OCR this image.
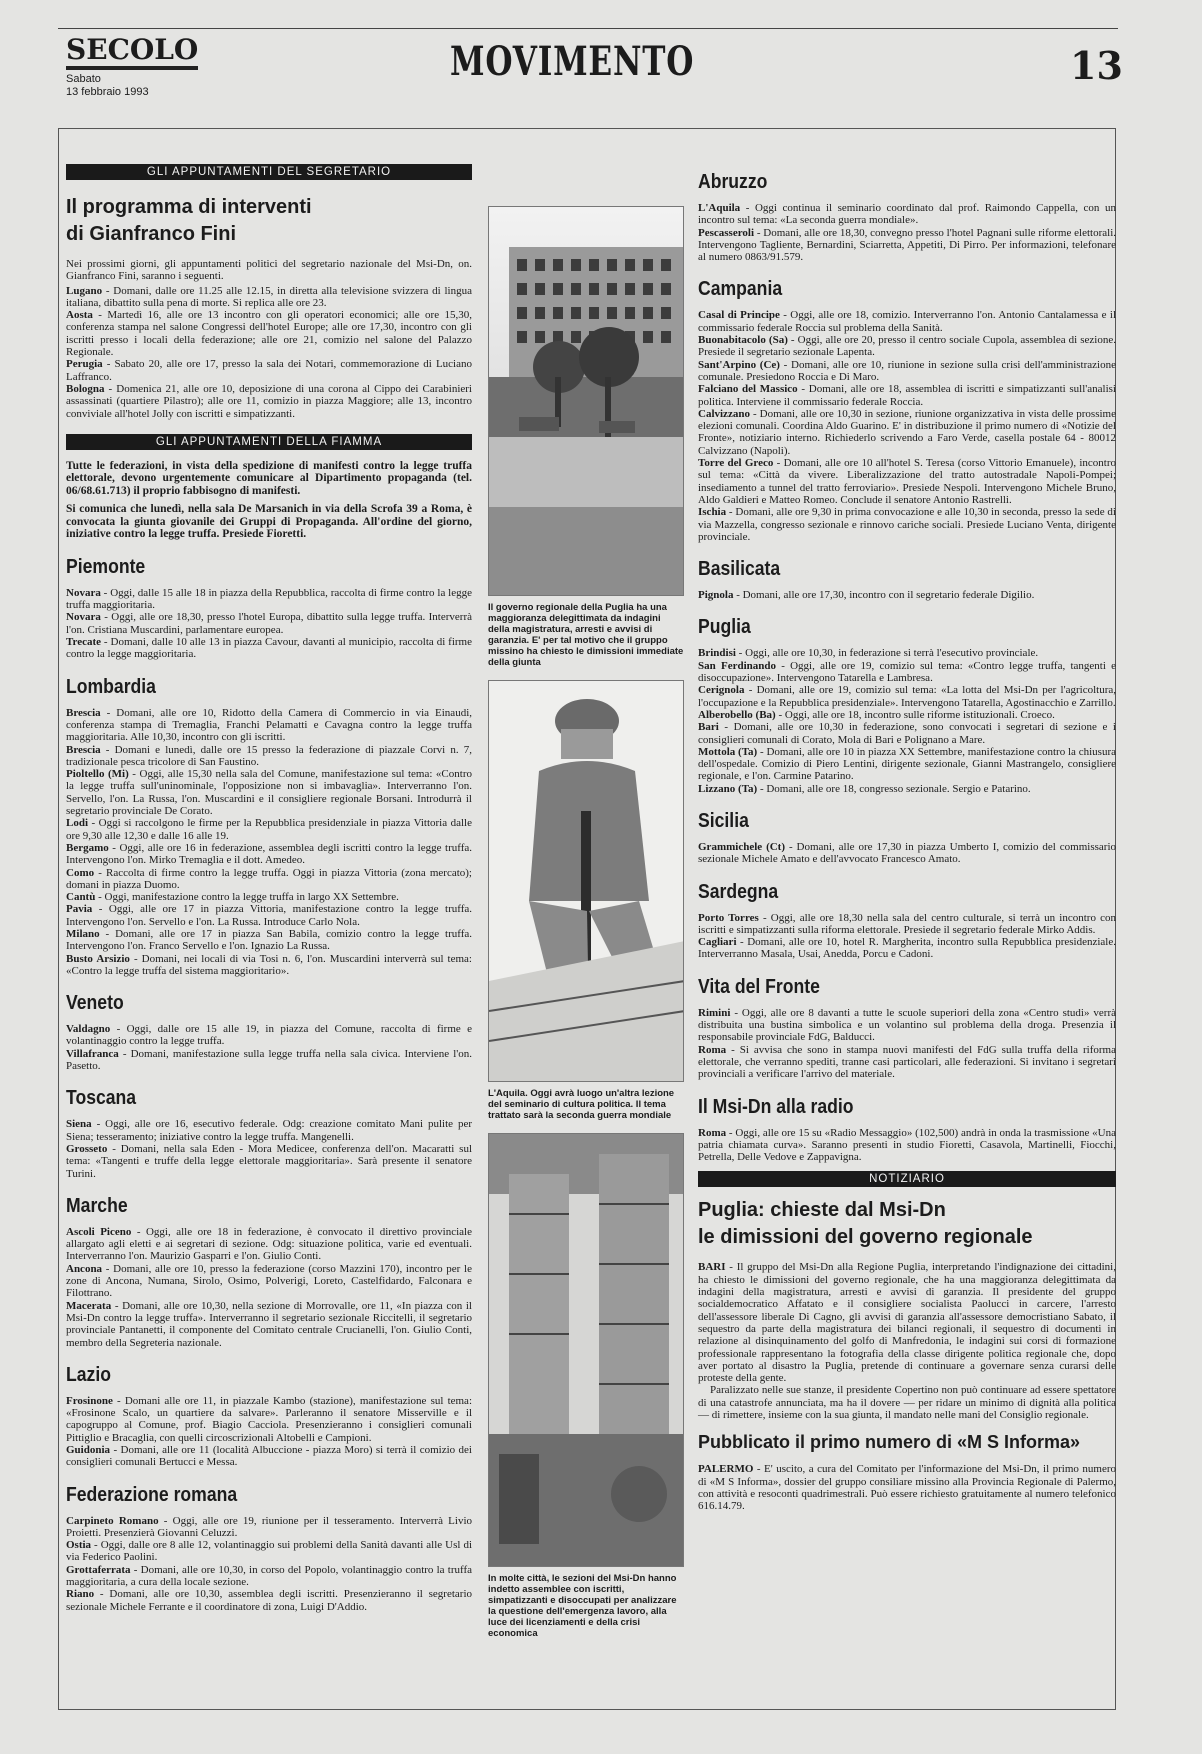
SECOLO
Sabato
13 febbraio 1993
MOVIMENTO	13
GLI APPUNTAMENTI DEL SEGRETARIO
Il programma di interventi
di Gianfranco Fini

Nei prossimi giorni, gli appuntamenti politici del segretario nazionale del Msi-Dn, on. Gianfranco Fini, saranno i seguenti.

Lugano - Domani, dalle ore 11.25 alle 12.15, in diretta alla televisione svizzera di lingua italiana, dibattito sulla pena di morte. Si replica alle ore 23.

Aosta - Martedì 16, alle ore 13 incontro con gli operatori economici; alle ore 15,30, conferenza stampa nel salone Congressi dell'hotel Europe; alle ore 17,30, incontro con gli iscritti presso i locali della federazione; alle ore 21, comizio nel salone del Palazzo Regionale.

Perugia - Sabato 20, alle ore 17, presso la sala dei Notari, commemorazione di Luciano Laffranco.

Bologna - Domenica 21, alle ore 10, deposizione di una corona al Cippo dei Carabinieri assassinati (quartiere Pilastro); alle ore 11, comizio in piazza Maggiore; alle 13, incontro conviviale all'hotel Jolly con iscritti e simpatizzanti.

GLI APPUNTAMENTI DELLA FIAMMA

Tutte le federazioni, in vista della spedizione di manifesti contro la legge truffa elettorale, devono urgentemente comunicare al Dipartimento propaganda (tel. 06/68.61.713) il proprio fabbisogno di manifesti.

Si comunica che lunedì, nella sala De Marsanich in via della Scrofa 39 a Roma, è convocata la giunta giovanile dei Gruppi di Propaganda. All'ordine del giorno, iniziative contro la legge truffa. Presiede Fioretti.

Piemonte

Novara - Oggi, dalle 15 alle 18 in piazza della Repubblica, raccolta di firme contro la legge truffa maggioritaria.

Novara - Oggi, alle ore 18,30, presso l'hotel Europa, dibattito sulla legge truffa. Interverrà l'on. Cristiana Muscardini, parlamentare europea.

Trecate - Domani, dalle 10 alle 13 in piazza Cavour, davanti al municipio, raccolta di firme contro la legge maggioritaria.

Lombardia

Brescia - Domani, alle ore 10, Ridotto della Camera di Commercio in via Einaudi, conferenza stampa di Tremaglia, Franchi Pelamatti e Cavagna contro la legge truffa maggioritaria. Alle 10,30, incontro con gli iscritti.

Brescia - Domani e lunedì, dalle ore 15 presso la federazione di piazzale Corvi n. 7, tradizionale pesca tricolore di San Faustino.

Pioltello (Mi) - Oggi, alle 15,30 nella sala del Comune, manifestazione sul tema: «Contro la legge truffa sull'uninominale, l'opposizione non si imbavaglia». Interverranno l'on. Servello, l'on. La Russa, l'on. Muscardini e il consigliere regionale Borsani. Introdurrà il segretario provinciale De Corato.

Lodi - Oggi si raccolgono le firme per la Repubblica presidenziale in piazza Vittoria dalle ore 9,30 alle 12,30 e dalle 16 alle 19.

Bergamo - Oggi, alle ore 16 in federazione, assemblea degli iscritti contro la legge truffa. Intervengono l'on. Mirko Tremaglia e il dott. Amedeo.

Como - Raccolta di firme contro la legge truffa. Oggi in piazza Vittoria (zona mercato); domani in piazza Duomo.

Cantù - Oggi, manifestazione contro la legge truffa in largo XX Settembre.

Pavia - Oggi, alle ore 17 in piazza Vittoria, manifestazione contro la legge truffa. Intervengono l'on. Servello e l'on. La Russa. Introduce Carlo Nola.

Milano - Domani, alle ore 17 in piazza San Babila, comizio contro la legge truffa. Intervengono l'on. Franco Servello e l'on. Ignazio La Russa.

Busto Arsizio - Domani, nei locali di via Tosi n. 6, l'on. Muscardini interverrà sul tema: «Contro la legge truffa del sistema maggioritario».

Veneto

Valdagno - Oggi, dalle ore 15 alle 19, in piazza del Comune, raccolta di firme e volantinaggio contro la legge truffa.

Villafranca - Domani, manifestazione sulla legge truffa nella sala civica. Interviene l'on. Pasetto.

Toscana

Siena - Oggi, alle ore 16, esecutivo federale. Odg: creazione comitato Mani pulite per Siena; tesseramento; iniziative contro la legge truffa. Mangenelli.

Grosseto - Domani, nella sala Eden - Mora Medicee, conferenza dell'on. Macaratti sul tema: «Tangenti e truffe della legge elettorale maggioritaria». Sarà presente il senatore Turini.

Marche

Ascoli Piceno - Oggi, alle ore 18 in federazione, è convocato il direttivo provinciale allargato agli eletti e ai segretari di sezione. Odg: situazione politica, varie ed eventuali. Interverranno l'on. Maurizio Gasparri e l'on. Giulio Conti.

Ancona - Domani, alle ore 10, presso la federazione (corso Mazzini 170), incontro per le zone di Ancona, Numana, Sirolo, Osimo, Polverigi, Loreto, Castelfidardo, Falconara e Filottrano.

Macerata - Domani, alle ore 10,30, nella sezione di Morrovalle, ore 11, «In piazza con il Msi-Dn contro la legge truffa». Interverranno il segretario sezionale Riccitelli, il segretario provinciale Pantanetti, il componente del Comitato centrale Crucianelli, l'on. Giulio Conti, membro della Segreteria nazionale.

Lazio

Frosinone - Domani alle ore 11, in piazzale Kambo (stazione), manifestazione sul tema: «Frosinone Scalo, un quartiere da salvare». Parleranno il senatore Misserville e il capogruppo al Comune, prof. Biagio Cacciola. Presenzieranno i consiglieri comunali Pittiglio e Bracaglia, con quelli circoscrizionali Altobelli e Campioni.

Guidonia - Domani, alle ore 11 (località Albuccione - piazza Moro) si terrà il comizio dei consiglieri comunali Bertucci e Messa.

Federazione romana

Carpineto Romano - Oggi, alle ore 19, riunione per il tesseramento. Interverrà Livio Proietti. Presenzierà Giovanni Celuzzi.

Ostia - Oggi, dalle ore 8 alle 12, volantinaggio sui problemi della Sanità davanti alle Usl di via Federico Paolini.

Grottaferrata - Domani, alle ore 10,30, in corso del Popolo, volantinaggio contro la truffa maggioritaria, a cura della locale sezione.

Riano - Domani, alle ore 10,30, assemblea degli iscritti. Presenzieranno il segretario sezionale Michele Ferrante e il coordinatore di zona, Luigi D'Addio.

Il governo regionale della Puglia ha una maggioranza delegittimata da indagini della magistratura, arresti e avvisi di garanzia. E' per tal motivo che il gruppo missino ha chiesto le dimissioni immediate della giunta
L'Aquila. Oggi avrà luogo un'altra lezione del seminario di cultura politica. Il tema trattato sarà la seconda guerra mondiale
In molte città, le sezioni del Msi-Dn hanno indetto assemblee con iscritti, simpatizzanti e disoccupati per analizzare la questione dell'emergenza lavoro, alla luce dei licenziamenti e della crisi economica
Abruzzo

L'Aquila - Oggi continua il seminario coordinato dal prof. Raimondo Cappella, con un incontro sul tema: «La seconda guerra mondiale».

Pescasseroli - Domani, alle ore 18,30, convegno presso l'hotel Pagnani sulle riforme elettorali. Intervengono Tagliente, Bernardini, Sciarretta, Appetiti, Di Pirro. Per informazioni, telefonare al numero 0863/91.579.

Campania

Casal di Principe - Oggi, alle ore 18, comizio. Interverranno l'on. Antonio Cantalamessa e il commissario federale Roccia sul problema della Sanità.

Buonabitacolo (Sa) - Oggi, alle ore 20, presso il centro sociale Cupola, assemblea di sezione. Presiede il segretario sezionale Lapenta.

Sant'Arpino (Ce) - Domani, alle ore 10, riunione in sezione sulla crisi dell'amministrazione comunale. Presiedono Roccia e Di Maro.

Falciano del Massico - Domani, alle ore 18, assemblea di iscritti e simpatizzanti sull'analisi politica. Interviene il commissario federale Roccia.

Calvizzano - Domani, alle ore 10,30 in sezione, riunione organizzativa in vista delle prossime elezioni comunali. Coordina Aldo Guarino. E' in distribuzione il primo numero di «Notizie del Fronte», notiziario interno. Richiederlo scrivendo a Faro Verde, casella postale 64 - 80012 Calvizzano (Napoli).

Torre del Greco - Domani, alle ore 10 all'hotel S. Teresa (corso Vittorio Emanuele), incontro sul tema: «Città da vivere. Liberalizzazione del tratto autostradale Napoli-Pompei; insediamento a tunnel del tratto ferroviario». Presiede Nespoli. Intervengono Michele Bruno, Aldo Galdieri e Matteo Romeo. Conclude il senatore Antonio Rastrelli.

Ischia - Domani, alle ore 9,30 in prima convocazione e alle 10,30 in seconda, presso la sede di via Mazzella, congresso sezionale e rinnovo cariche sociali. Presiede Luciano Venta, dirigente provinciale.

Basilicata

Pignola - Domani, alle ore 17,30, incontro con il segretario federale Digilio.

Puglia

Brindisi - Oggi, alle ore 10,30, in federazione si terrà l'esecutivo provinciale.

San Ferdinando - Oggi, alle ore 19, comizio sul tema: «Contro legge truffa, tangenti e disoccupazione». Intervengono Tatarella e Lambresa.

Cerignola - Domani, alle ore 19, comizio sul tema: «La lotta del Msi-Dn per l'agricoltura, l'occupazione e la Repubblica presidenziale». Intervengono Tatarella, Agostinacchio e Zarrillo.

Alberobello (Ba) - Oggi, alle ore 18, incontro sulle riforme istituzionali. Croeco.

Bari - Domani, alle ore 10,30 in federazione, sono convocati i segretari di sezione e i consiglieri comunali di Corato, Mola di Bari e Polignano a Mare.

Mottola (Ta) - Domani, alle ore 10 in piazza XX Settembre, manifestazione contro la chiusura dell'ospedale. Comizio di Piero Lentini, dirigente sezionale, Gianni Mastrangelo, consigliere regionale, e l'on. Carmine Patarino.

Lizzano (Ta) - Domani, alle ore 18, congresso sezionale. Sergio e Patarino.

Sicilia

Grammichele (Ct) - Domani, alle ore 17,30 in piazza Umberto I, comizio del commissario sezionale Michele Amato e dell'avvocato Francesco Amato.

Sardegna

Porto Torres - Oggi, alle ore 18,30 nella sala del centro culturale, si terrà un incontro con iscritti e simpatizzanti sulla riforma elettorale. Presiede il segretario federale Mirko Addis.

Cagliari - Domani, alle ore 10, hotel R. Margherita, incontro sulla Repubblica presidenziale. Interverranno Masala, Usai, Anedda, Porcu e Cadoni.

Vita del Fronte

Rimini - Oggi, alle ore 8 davanti a tutte le scuole superiori della zona «Centro studi» verrà distribuita una bustina simbolica e un volantino sul problema della droga. Presenzia il responsabile provinciale FdG, Balducci.

Roma - Si avvisa che sono in stampa nuovi manifesti del FdG sulla truffa della riforma elettorale, che verranno spediti, tranne casi particolari, alle federazioni. Si invitano i segretari provinciali a verificare l'arrivo del materiale.

Il Msi-Dn alla radio

Roma - Oggi, alle ore 15 su «Radio Messaggio» (102,500) andrà in onda la trasmissione «Una patria chiamata curva». Saranno presenti in studio Fioretti, Casavola, Martinelli, Fiocchi, Petrella, Delle Vedove e Zappavigna.

NOTIZIARIO
Puglia: chieste dal Msi-Dn
le dimissioni del governo regionale

BARI - Il gruppo del Msi-Dn alla Regione Puglia, interpretando l'indignazione dei cittadini, ha chiesto le dimissioni del governo regionale, che ha una maggioranza delegittimata da indagini della magistratura, arresti e avvisi di garanzia. Il presidente del gruppo socialdemocratico Affatato e il consigliere socialista Paolucci in carcere, l'arresto dell'assessore liberale Di Cagno, gli avvisi di garanzia all'assessore democristiano Sabato, il sequestro da parte della magistratura dei bilanci regionali, il sequestro di documenti in relazione al disinquinamento del golfo di Manfredonia, le indagini sui corsi di formazione professionale rappresentano la fotografia della classe dirigente politica regionale che, dopo aver portato al disastro la Puglia, pretende di continuare a governare senza curarsi delle proteste della gente.

Paralizzato nelle sue stanze, il presidente Copertino non può continuare ad essere spettatore di una catastrofe annunciata, ma ha il dovere — per ridare un minimo di dignità alla politica — di rimettere, insieme con la sua giunta, il mandato nelle mani del Consiglio regionale.

Pubblicato il primo numero di «M S Informa»

PALERMO - E' uscito, a cura del Comitato per l'informazione del Msi-Dn, il primo numero di «M S Informa», dossier del gruppo consiliare missino alla Provincia Regionale di Palermo, con attività e resoconti quadrimestrali. Può essere richiesto gratuitamente al numero telefonico 616.14.79.
